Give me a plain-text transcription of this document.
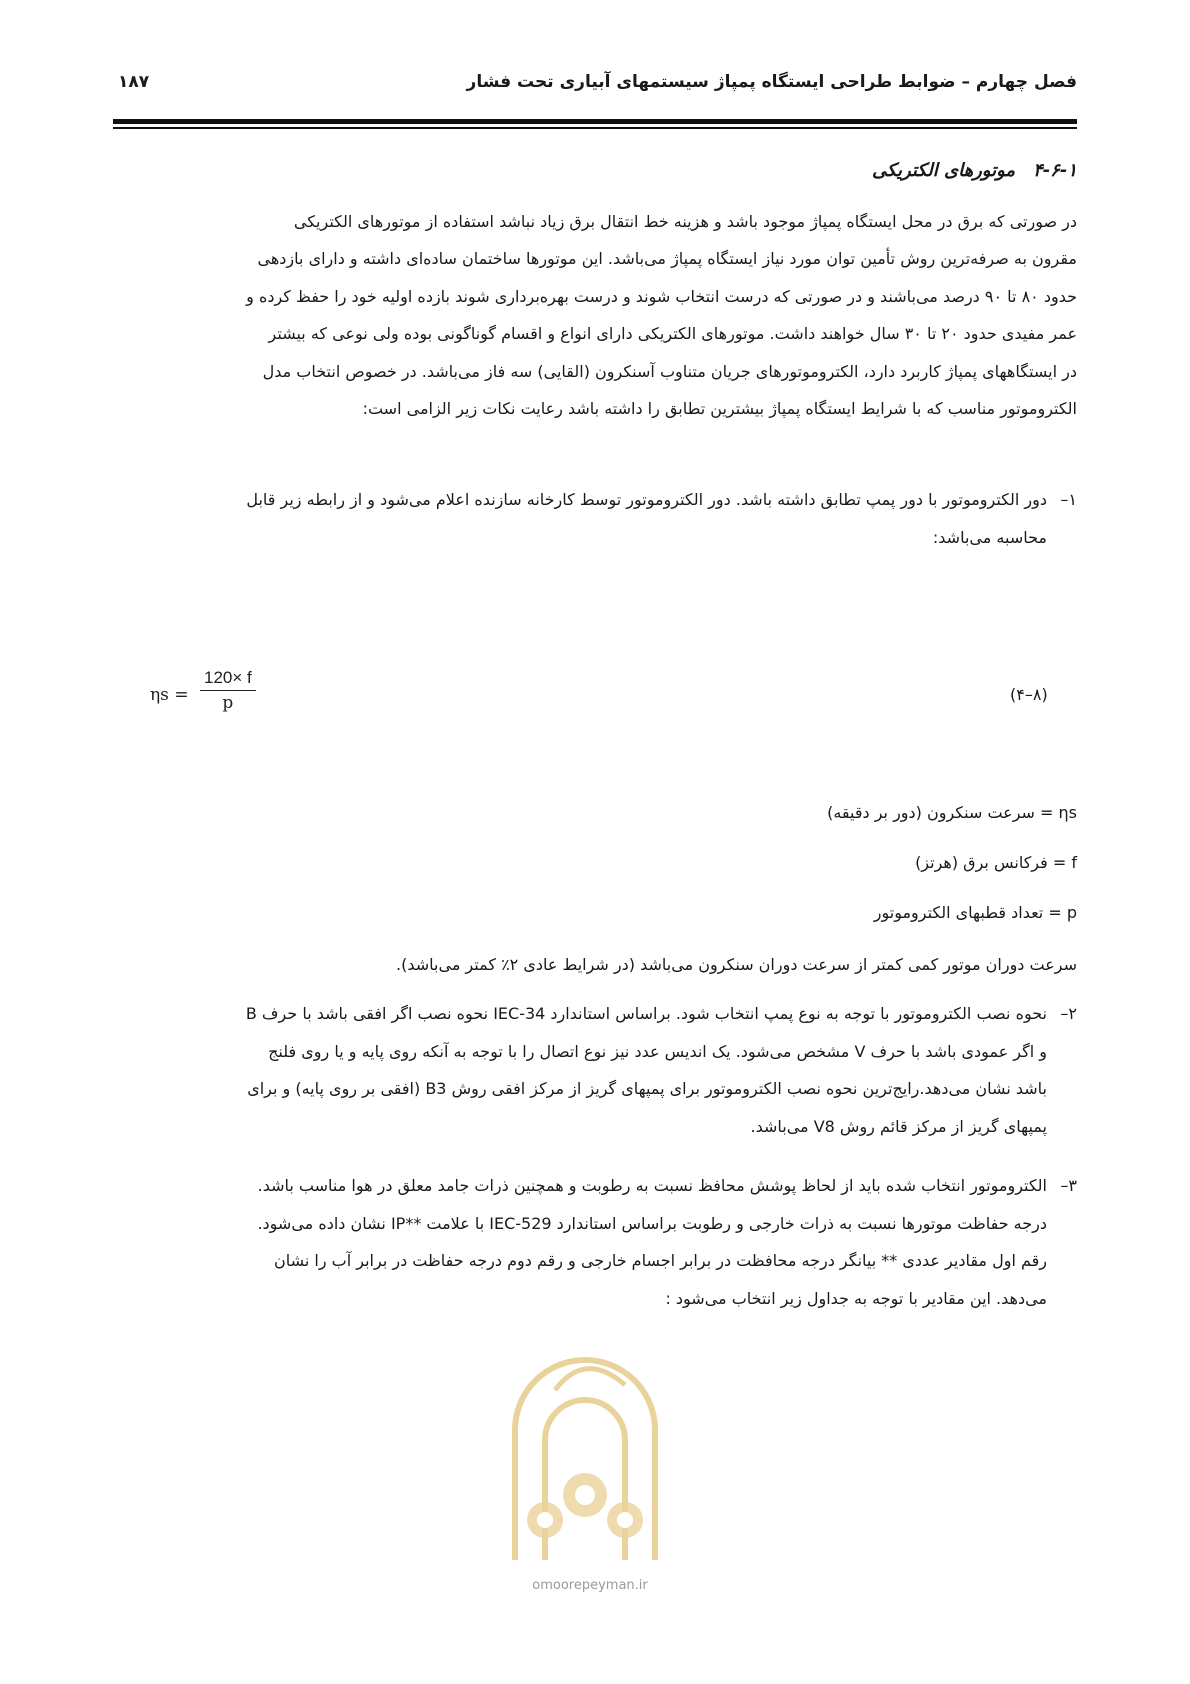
فصل چهارم – ضوابط طراحی ایستگاه پمپاژ سیستمهای آبیاری تحت فشار
۱۸۷
۴-۶-۱موتورهای الکتریکی
در صورتی که برق در محل ایستگاه پمپاژ موجود باشد و هزینه خط انتقال برق زیاد نباشد استفاده از موتورهای الکتریکی
مقرون به صرفه‌ترین روش تأمین توان مورد نیاز ایستگاه پمپاژ می‌باشد. این موتورها ساختمان ساده‌ای داشته و دارای بازدهی
حدود ۸۰ تا ۹۰ درصد می‌باشند و در صورتی که درست انتخاب شوند و درست بهره‌برداری شوند بازده اولیه خود را حفظ کرده و
عمر مفیدی حدود ۲۰ تا ۳۰ سال خواهند داشت. موتورهای الکتریکی دارای انواع و اقسام گوناگونی بوده ولی نوعی که بیشتر
در ایستگاههای پمپاژ کاربرد دارد، الکتروموتورهای جریان متناوب آسنکرون (القایی) سه فاز می‌باشد. در خصوص انتخاب مدل
الکتروموتور مناسب که با شرایط ایستگاه پمپاژ بیشترین تطابق را داشته باشد رعایت نکات زیر الزامی است:
۱–
دور الکتروموتور با دور پمپ تطابق داشته باشد. دور الکتروموتور توسط کارخانه سازنده اعلام می‌شود و از رابطه زیر قابل
محاسبه می‌باشد:
ηs =
120× f
p	(۸–۴)
ηs = سرعت سنکرون (دور بر دقیقه)
f = فرکانس برق (هرتز)
p = تعداد قطبهای الکتروموتور
سرعت دوران موتور کمی کمتر از سرعت دوران سنکرون می‌باشد (در شرایط عادی ۲٪ کمتر می‌باشد).
۲–
نحوه نصب الکتروموتور با توجه به نوع پمپ انتخاب شود. براساس استاندارد IEC-34 نحوه نصب اگر افقی باشد با حرف B
و اگر عمودی باشد با حرف V مشخص می‌شود. یک اندیس عدد نیز نوع اتصال را با توجه به آنکه روی پایه و یا روی فلنج
باشد نشان می‌دهد.رایج‌ترین نحوه نصب الکتروموتور برای پمپهای گریز از مرکز افقی روش B3 (افقی بر روی پایه) و برای
پمپهای گریز از مرکز قائم روش V8 می‌باشد.
۳–
الکتروموتور انتخاب شده باید از لحاظ پوشش محافظ نسبت به رطوبت و همچنین ذرات جامد معلق در هوا مناسب باشد.
درجه حفاظت موتورها نسبت به ذرات خارجی و رطوبت براساس استاندارد IEC-529 با علامت **IP نشان داده می‌شود.
رقم اول مقادیر عددی ** بیانگر درجه محافظت در برابر اجسام خارجی و رقم دوم درجه حفاظت در برابر آب را نشان
می‌دهد. این مقادیر با توجه به جداول زیر انتخاب می‌شود :
omoorepeyman.ir
